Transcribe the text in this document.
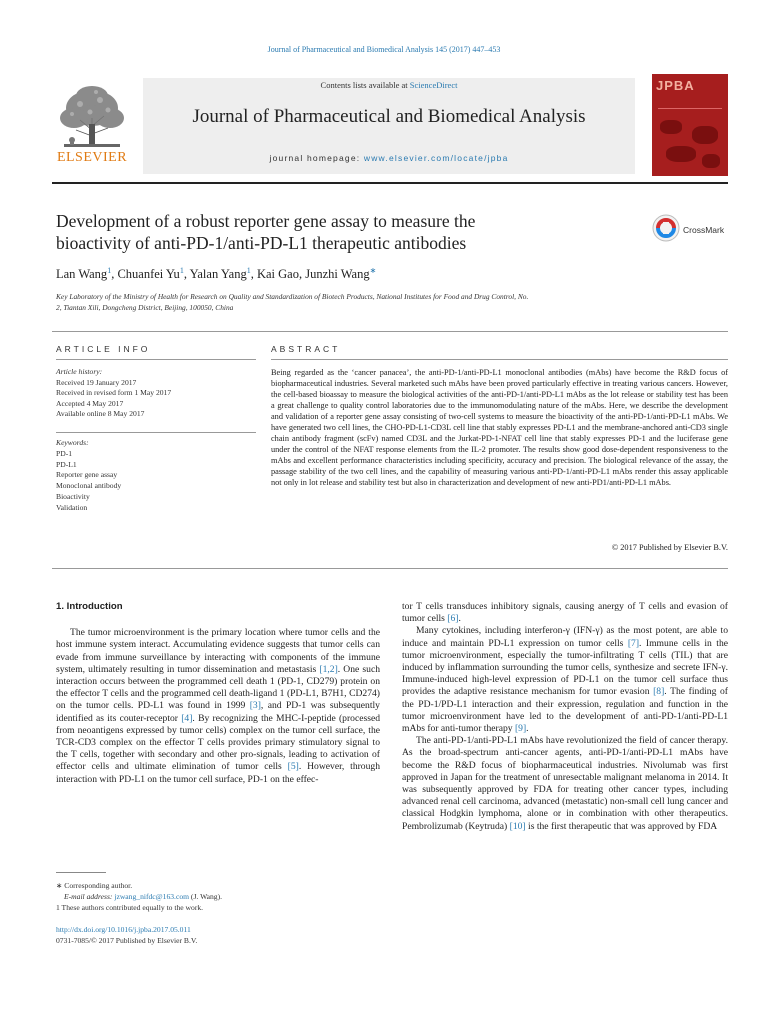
Journal of Pharmaceutical and Biomedical Analysis 145 (2017) 447–453
Contents lists available at ScienceDirect
Journal of Pharmaceutical and Biomedical Analysis
journal homepage: www.elsevier.com/locate/jpba
ELSEVIER
JPBA
Development of a robust reporter gene assay to measure the
bioactivity of anti-PD-1/anti-PD-L1 therapeutic antibodies
CrossMark
Lan Wang$^1$, Chuanfei Yu$^1$, Yalan Yang$^1$, Kai Gao, Junzhi Wang∗
Key Laboratory of the Ministry of Health for Research on Quality and Standardization of Biotech Products, National Institutes for Food and Drug Control, No.
2, Tiantan Xili, Dongcheng District, Beijing, 100050, China
ARTICLE INFO	ABSTRACT
Article history:
Received 19 January 2017
Received in revised form 1 May 2017
Accepted 4 May 2017
Available online 8 May 2017
Keywords:
PD-1
PD-L1
Reporter gene assay
Monoclonal antibody
Bioactivity
Validation
Being regarded as the ‘cancer panacea’, the anti-PD-1/anti-PD-L1 monoclonal antibodies (mAbs) have become the R&D focus of biopharmaceutical industries. Several marketed such mAbs have been proved particularly effective in treating various cancers. However, the cell-based bioassay to measure the biological activities of the anti-PD-1/anti-PD-L1 mAbs as the lot release or stability test has been a great challenge to quality control laboratories due to the immunomodulating nature of the mAbs. Here, we describe the development and validation of a reporter gene assay consisting of two-cell systems to measure the bioactivity of the anti-PD-1/anti-PD-L1 mAbs. We have generated two cell lines, the CHO-PD-L1-CD3L cell line that stably expresses PD-L1 and the membrane-anchored anti-CD3 single chain antibody fragment (scFv) named CD3L and the Jurkat-PD-1-NFAT cell line that stably expresses PD-1 and the luciferase gene under the control of the NFAT response elements from the IL-2 promoter. The results show good dose-dependent responsiveness to the mAbs and excellent performance characteristics including specificity, accuracy and precision. The biological relevance of the assay, the passage stability of the two cell lines, and the capability of measuring various anti-PD-1/anti-PD-L1 mAbs render this assay applicable not only in lot release and stability test but also in characterization and development of new anti-PD1/anti-PD-L1 mAbs.
© 2017 Published by Elsevier B.V.
1. Introduction

The tumor microenvironment is the primary location where tumor cells and the host immune system interact. Accumulating evidence suggests that tumor cells can evade from immune surveillance by interacting with components of the immune system, ultimately resulting in tumor dissemination and metastasis [1,2]. One such interaction occurs between the programmed cell death 1 (PD-1, CD279) protein on the effector T cells and the programmed cell death-ligand 1 (PD-L1, B7H1, CD274) on the tumor cells. PD-L1 was found in 1999 [3], and PD-1 was subsequently identified as its couter-receptor [4]. By recognizing the MHC-I-peptide (processed from neoantigens expressed by tumor cells) complex on the tumor cell surface, the TCR-CD3 complex on the effector T cells provides primary stimulatory signal to the T cells, together with secondary and other pro-signals, leading to activation of effector cells and ultimate elimination of tumor cells [5]. However, through interaction with PD-L1 on the tumor cell surface, PD-1 on the effec-

tor T cells transduces inhibitory signals, causing anergy of T cells and evasion of tumor cells [6].

Many cytokines, including interferon-γ (IFN-γ) as the most potent, are able to induce and maintain PD-L1 expression on tumor cells [7]. Immune cells in the tumor microenvironment, especially the tumor-infiltrating T cells (TIL) that are induced by inflammation surrounding the tumor cells, synthesize and secrete IFN-γ. Immune-induced high-level expression of PD-L1 on the tumor cell surface thus provides the adaptive resistance mechanism for tumor evasion [8]. The finding of the PD-1/PD-L1 interaction and their expression, regulation and function in the tumor microenvironment have led to the development of anti-PD-1/anti-PD-L1 mAbs for anti-tumor therapy [9].

The anti-PD-1/anti-PD-L1 mAbs have revolutionized the field of cancer therapy. As the broad-spectrum anti-cancer agents, anti-PD-1/anti-PD-L1 mAbs have become the R&D focus of biopharmaceutical industries. Nivolumab was first approved in Japan for the treatment of unresectable malignant melanoma in 2014. It was subsequently approved by FDA for treating other cancer types, including advanced renal cell carcinoma, advanced (metastatic) non-small cell lung cancer and classical Hodgkin lymphoma, alone or in combination with other therapeutics. Pembrolizumab (Keytruda) [10] is the first therapeutic that was approved by FDA

∗ Corresponding author.
E-mail address: jzwang_nifdc@163.com (J. Wang).
1 These authors contributed equally to the work.
http://dx.doi.org/10.1016/j.jpba.2017.05.011
0731-7085/© 2017 Published by Elsevier B.V.
